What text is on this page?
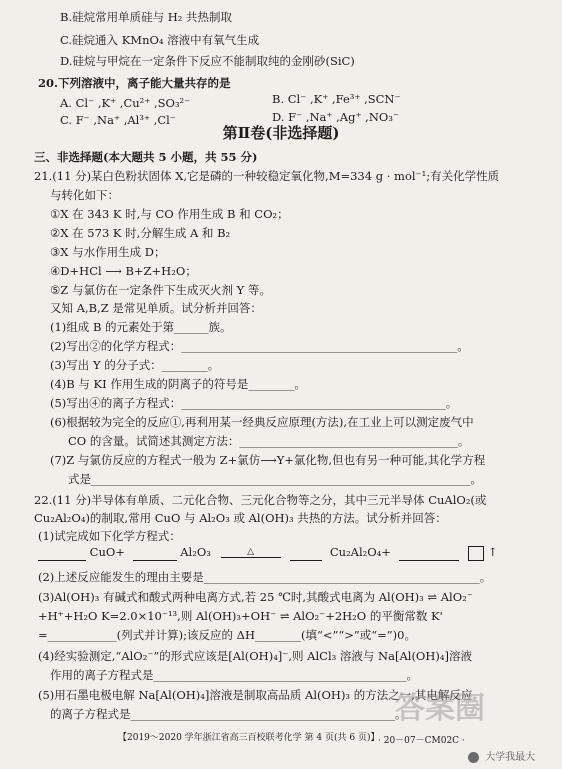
B.硅烷常用单质硅与 H₂ 共热制取
C.硅烷通入 KMnO₄ 溶液中有氧气生成
D.硅烷与甲烷在一定条件下反应不能制取纯的金刚砂(SiC)
20.下列溶液中，离子能大量共存的是
A. Cl⁻ ,K⁺ ,Cu²⁺ ,SO₃²⁻	B. Cl⁻ ,K⁺ ,Fe³⁺ ,SCN⁻
C. F⁻ ,Na⁺ ,Al³⁺ ,Cl⁻	D. F⁻ ,Na⁺ ,Ag⁺ ,NO₃⁻
三、非选择题(本大题共 5 小题，共 55 分)
21.(11 分)某白色粉状固体 X,它是磷的一种较稳定氧化物,M=334 g · mol⁻¹;有关化学性质
与转化如下：
①X 在 343 K 时,与 CO 作用生成 B 和 CO₂；
②X 在 573 K 时,分解生成 A 和 B₂
③X 与水作用生成 D；
④D+HCl ⟶ B+Z+H₂O；
⑤Z 与氯仿在一定条件下生成灭火剂 Y 等。
又知 A,B,Z 是常见单质。试分析并回答：
(1)组成 B 的元素处于第______族。
(2)写出②的化学方程式：________________________________________________。
(3)写出 Y 的分子式：________。
(4)B 与 KI 作用生成的阴离子的符号是________。
(5)写出④的离子方程式：______________________________________________。
(6)根据较为完全的反应①,再利用某一经典反应原理(方法),在工业上可以测定废气中
CO 的含量。试简述其测定方法：______________________________________。
(7)Z 与氯仿反应的方程式一般为 Z+氯仿⟶Y+氯化物,但也有另一种可能,其化学方程
式是__________________________________________________________________。
22.(11 分)半导体有单质、二元化合物、三元化合物等之分，其中三元半导体 CuAlO₂(或
Cu₂Al₂O₄)的制取,常用 CuO 与 Al₂O₃ 或 Al(OH)₃ 共热的方法。试分析并回答：
(1)试完成如下化学方程式：
(2)上述反应能发生的理由主要是________________________________________________。
(3)Al(OH)₃ 有碱式和酸式两种电离方式,若 25 ℃时,其酸式电离为 Al(OH)₃ ⇌ AlO₂⁻
+H⁺+H₂O K=2.0×10⁻¹³,则 Al(OH)₃+OH⁻ ⇌ AlO₂⁻+2H₂O 的平衡常数 K'
=____________(列式并计算);该反应的 ΔH________(填“<”“>”或“=”)0。
(4)经实验测定,“AlO₂⁻”的形式应该是[Al(OH)₄]⁻,则 AlCl₃ 溶液与 Na[Al(OH)₄]溶液
作用的离子方程式是____________________________________________。
(5)用石墨电极电解 Na[Al(OH)₄]溶液是制取高品质 Al(OH)₃ 的方法之一,其电解反应
的离子方程式是______________________________________________。
第Ⅱ卷(非选择题)
CuO+	Al₂O₃	△	Cu₂Al₂O₄+	↑
答案圈
大学我最大
【2019～2020 学年浙江省高三百校联考化学 第 4 页(共 6 页)】
· 20－07－CM02C ·
